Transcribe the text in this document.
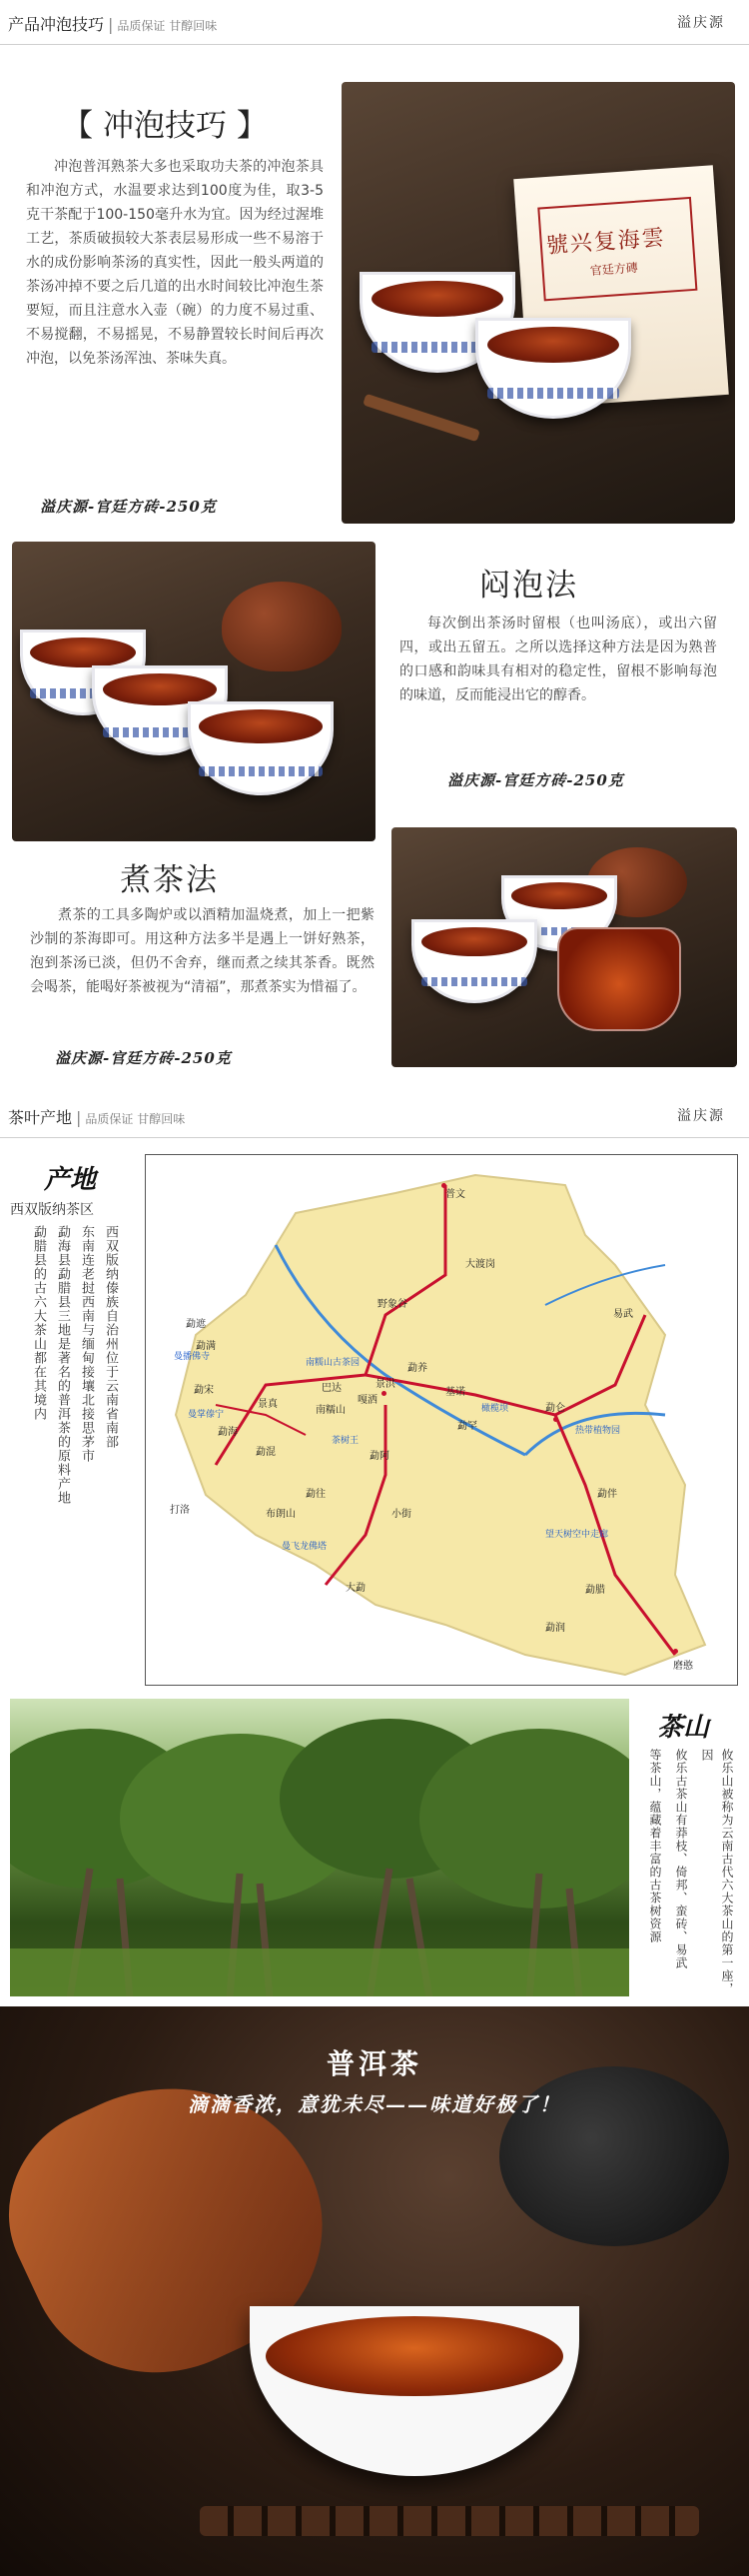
产品冲泡技巧 | 品质保证 甘醇回味	溢庆源
【 冲泡技巧 】
冲泡普洱熟茶大多也采取功夫茶的冲泡茶具和冲泡方式，水温要求达到100度为佳，取3-5克干茶配于100-150毫升水为宜。因为经过渥堆工艺，茶质破损较大茶表层易形成一些不易溶于水的成份影响茶汤的真实性，因此一般头两道的茶汤冲掉不要之后几道的出水时间较比冲泡生茶要短，而且注意水入壶（碗）的力度不易过重、不易搅翻，不易摇晃，不易静置较长时间后再次冲泡，以免茶汤浑浊、茶味失真。
溢庆源-官廷方砖-250克
號兴复海雲
官廷方磚
闷泡法
每次倒出茶汤时留根（也叫汤底），或出六留四，或出五留五。之所以选择这种方法是因为熟普的口感和韵味具有相对的稳定性，留根不影响每泡的味道，反而能浸出它的醇香。
溢庆源-官廷方砖-250克
煮茶法
煮茶的工具多陶炉或以酒精加温烧煮，加上一把紫沙制的茶海即可。用这种方法多半是遇上一饼好熟茶，泡到茶汤已淡，但仍不舍弃，继而煮之续其茶香。既然会喝茶，能喝好茶被视为“清福”，那煮茶实为惜福了。
溢庆源-官廷方砖-250克
茶叶产地 | 品质保证 甘醇回味	溢庆源
产地
西双版纳茶区
西双版纳傣族自治州位于云南省南部
东南连老挝西南与缅甸接壤北接思茅市
勐海县勐腊县三地是著名的普洱茶的原料产地
勐腊县的古六大茶山都在其境内
普文
大渡岗
野象谷
勐养
基诺
嘎洒
景洪
勐罕
勐仑
勐遮
勐海
景真
勐混
勐宋
南糯山
巴达
布朗山
打洛
勐满
勐阿
勐往
小街
大勐	勐腊
勐润
磨憨
易武
勐伴
曼播佛寺
曼掌傣宁
茶树王
曼飞龙佛塔
望天树空中走廊
热带植物园
橄榄坝
南糯山古茶园
茶山
攸乐山被称为云南古代六大茶山的第一座，因
攸乐古茶山有莽枝、倚邦、蛮砖、易武
等茶山，蕴藏着丰富的古茶树资源
普洱茶
滴滴香浓，意犹未尽——味道好极了！
